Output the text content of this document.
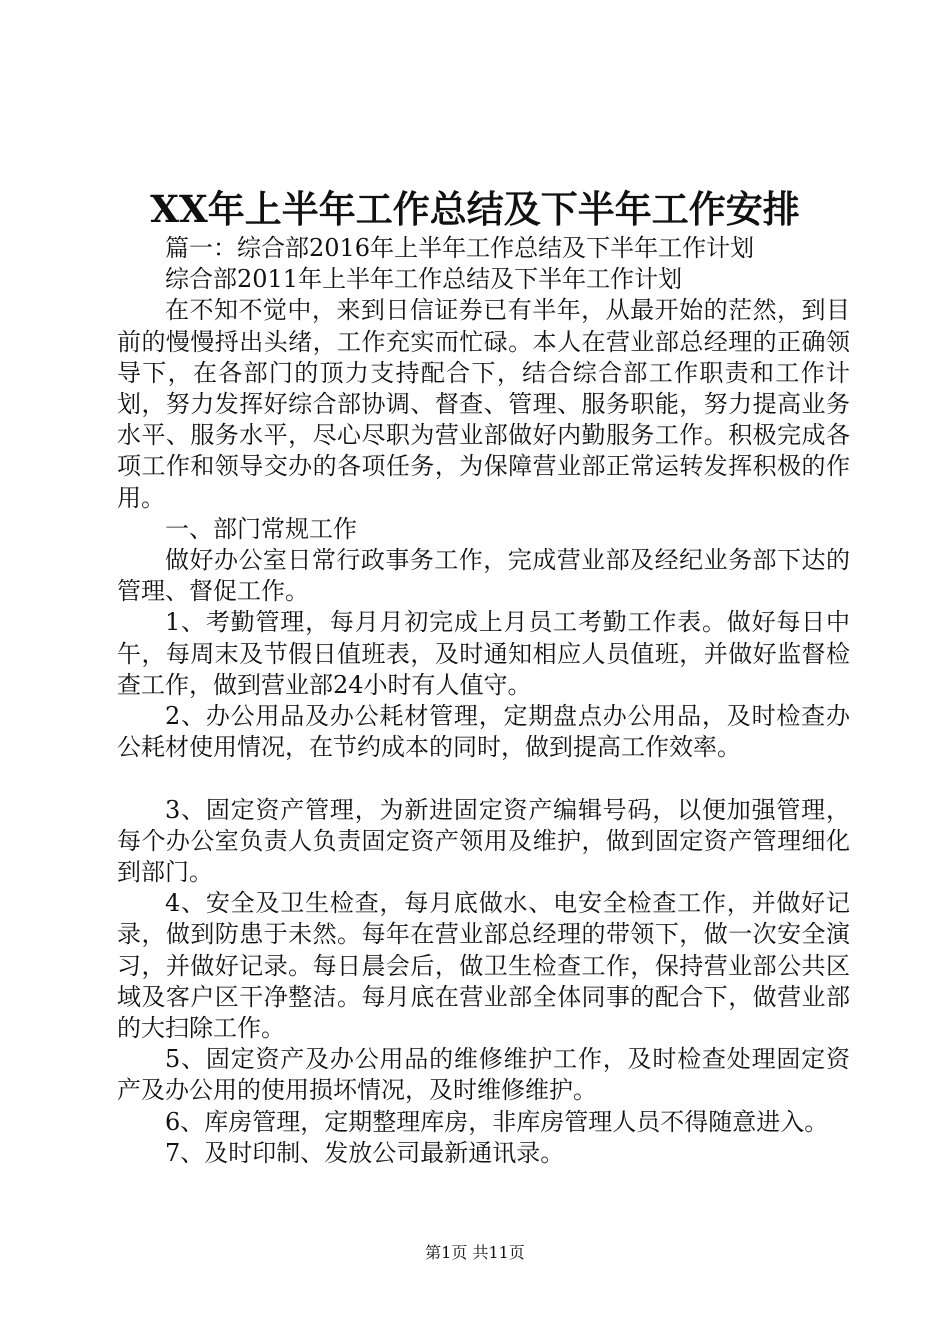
XX年上半年工作总结及下半年工作安排

篇一：综合部2016年上半年工作总结及下半年工作计划

综合部2011年上半年工作总结及下半年工作计划

在不知不觉中，来到日信证券已有半年，从最开始的茫然，到目前的慢慢捋出头绪，工作充实而忙碌。本人在营业部总经理的正确领导下，在各部门的顶力支持配合下，结合综合部工作职责和工作计划，努力发挥好综合部协调、督查、管理、服务职能，努力提高业务水平、服务水平，尽心尽职为营业部做好内勤服务工作。积极完成各项工作和领导交办的各项任务，为保障营业部正常运转发挥积极的作用。

一、部门常规工作

做好办公室日常行政事务工作，完成营业部及经纪业务部下达的管理、督促工作。

1、考勤管理，每月月初完成上月员工考勤工作表。做好每日中午，每周末及节假日值班表，及时通知相应人员值班，并做好监督检查工作，做到营业部24小时有人值守。

2、办公用品及办公耗材管理，定期盘点办公用品，及时检查办公耗材使用情况，在节约成本的同时，做到提高工作效率。

3、固定资产管理，为新进固定资产编辑号码，以便加强管理，每个办公室负责人负责固定资产领用及维护，做到固定资产管理细化到部门。

4、安全及卫生检查，每月底做水、电安全检查工作，并做好记录，做到防患于未然。每年在营业部总经理的带领下，做一次安全演习，并做好记录。每日晨会后，做卫生检查工作，保持营业部公共区域及客户区干净整洁。每月底在营业部全体同事的配合下，做营业部的大扫除工作。

5、固定资产及办公用品的维修维护工作，及时检查处理固定资产及办公用的使用损坏情况，及时维修维护。

6、库房管理，定期整理库房，非库房管理人员不得随意进入。

7、及时印制、发放公司最新通讯录。

第1页 共11页
